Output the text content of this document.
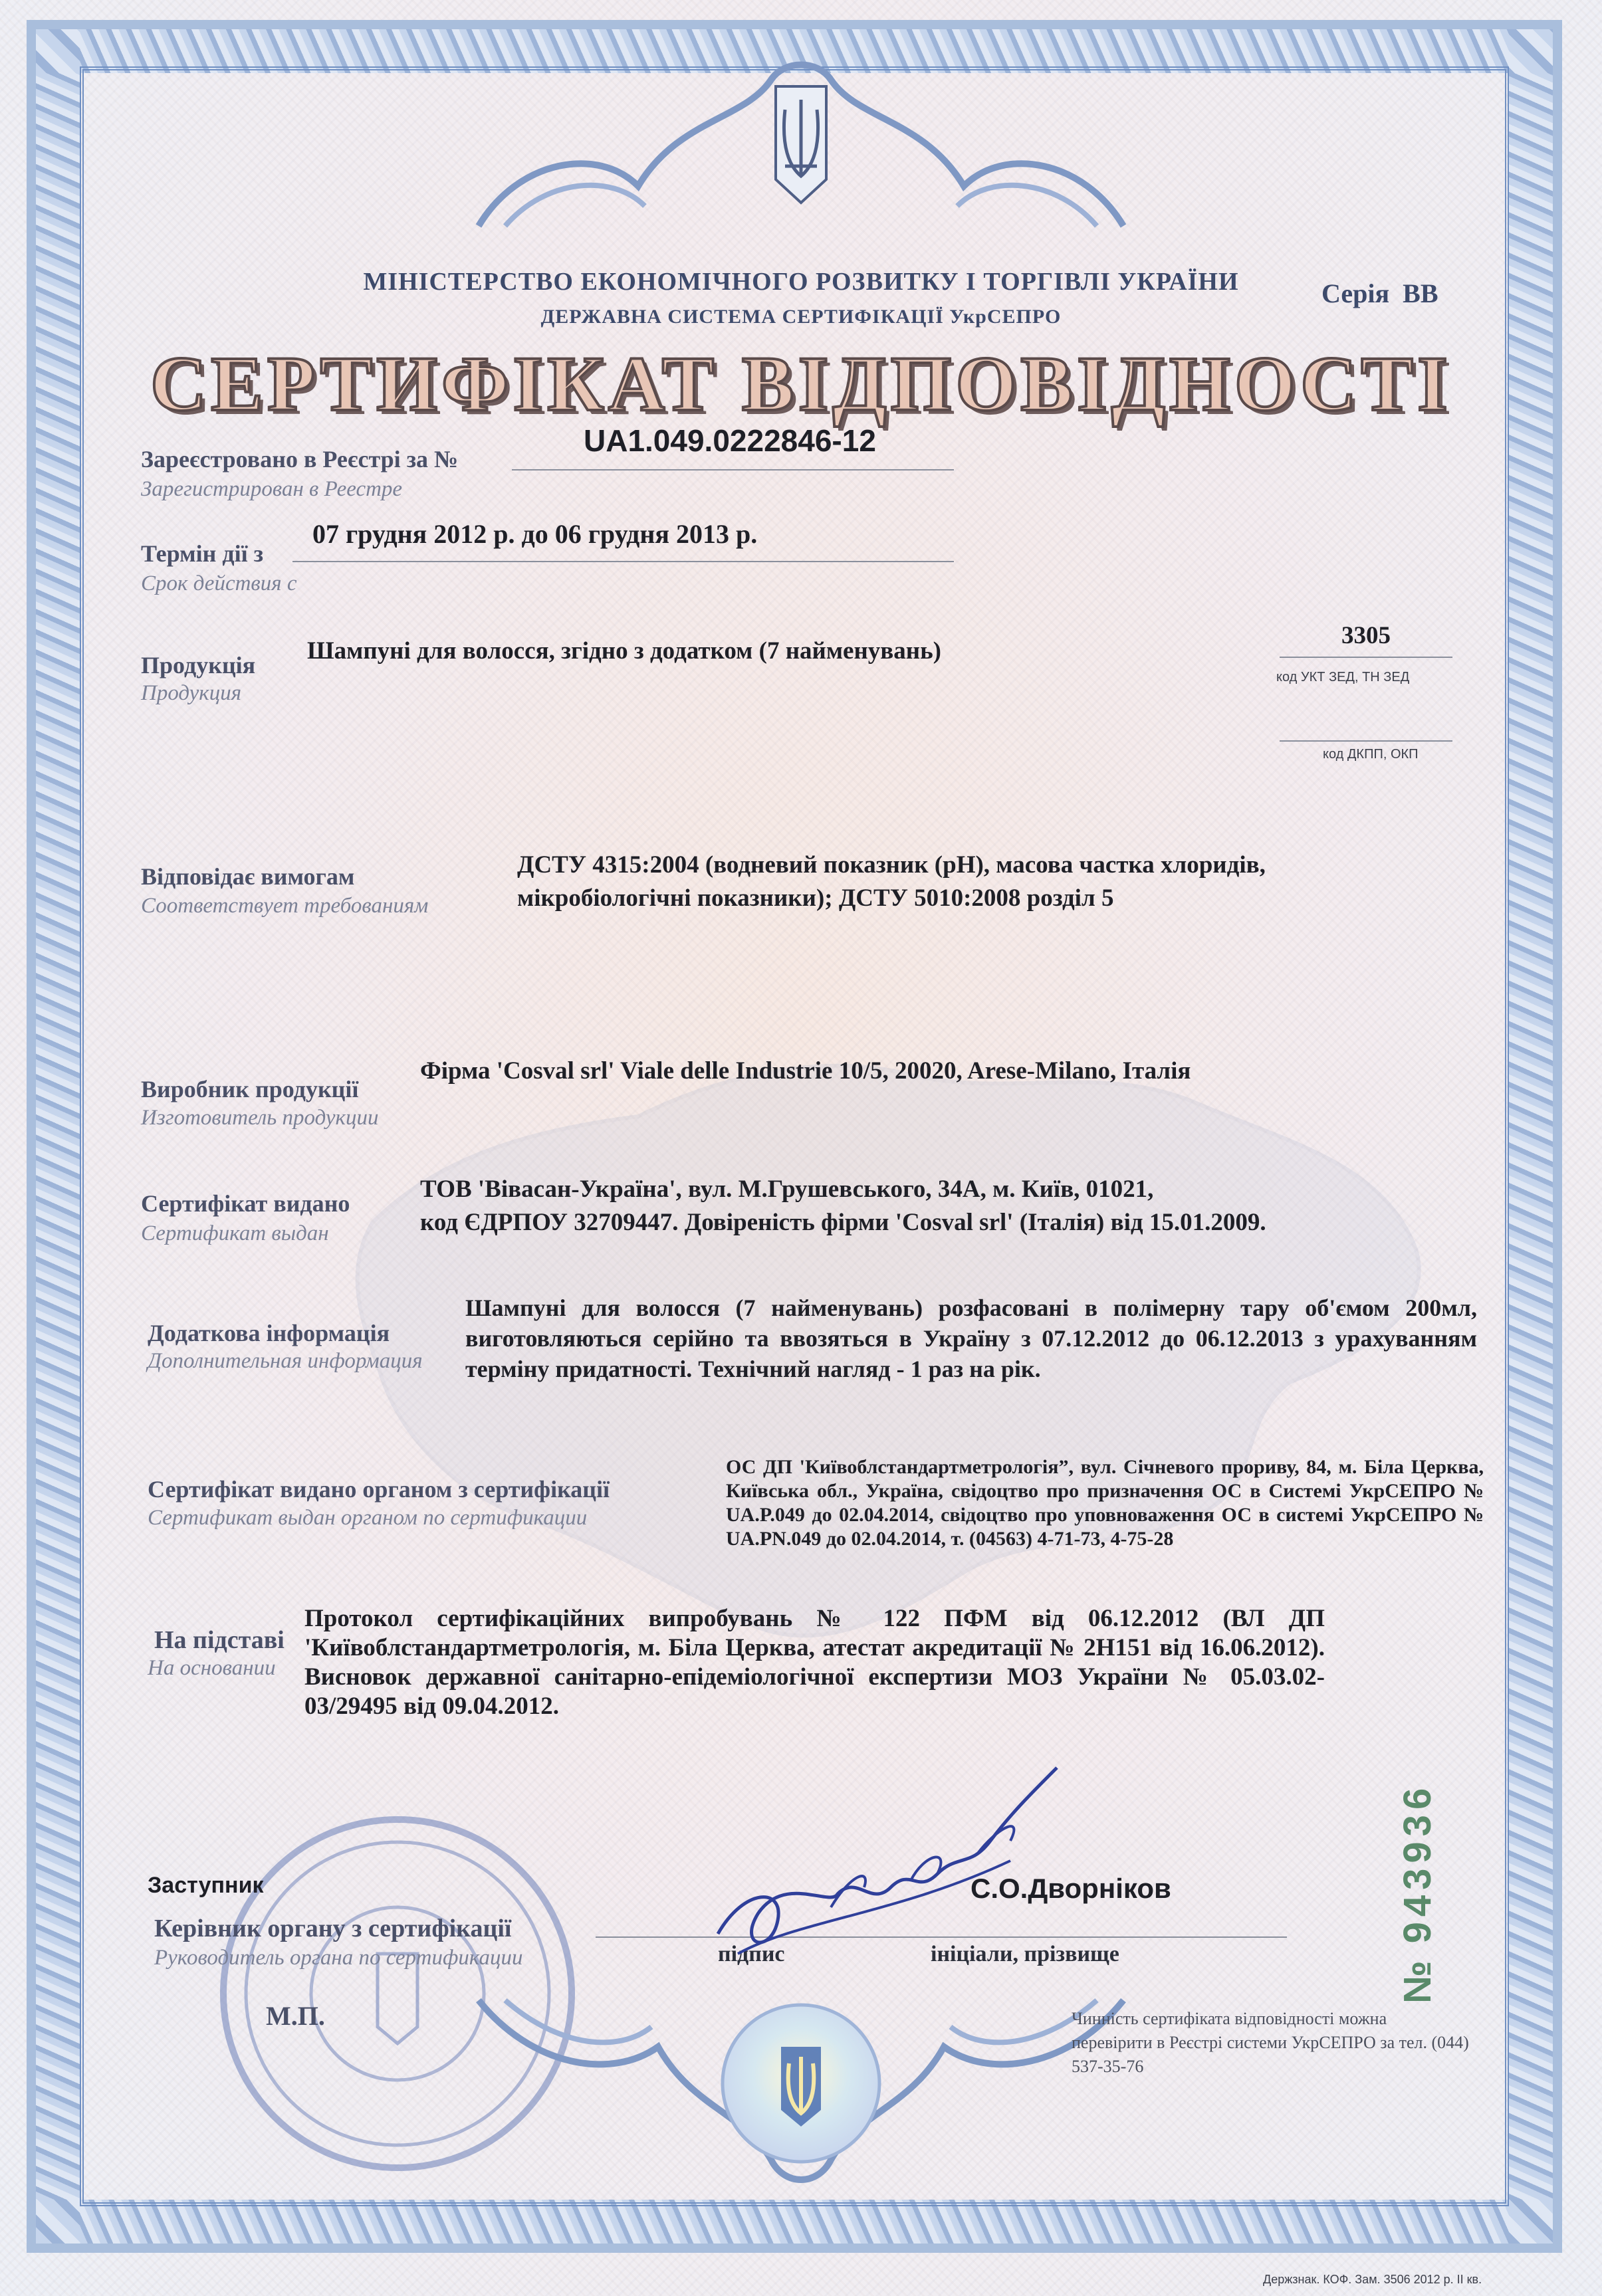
МІНІСТЕРСТВО ЕКОНОМІЧНОГО РОЗВИТКУ І ТОРГІВЛІ УКРАЇНИ
ДЕРЖАВНА СИСТЕМА СЕРТИФІКАЦІЇ УкрСЕПРО
Серія ВВ
СЕРТИФІКАТ ВІДПОВІДНОСТІ
Зареєстровано в Реєстрі за №
Зарегистрирован в Реестре
UA1.049.0222846-12
Термін дії з
Срок действия с
07 грудня 2012 р. до 06 грудня 2013 р.
Продукція
Продукция
Шампуні для волосся, згідно з додатком (7 найменувань)
3305
код УКТ ЗЕД, ТН ЗЕД
код ДКПП, ОКП
Відповідає вимогам
Соответствует требованиям
ДСТУ 4315:2004 (водневий показник (pH), масова частка хлоридів,
мікробіологічні показники); ДСТУ 5010:2008 розділ 5
Виробник продукції
Изготовитель продукции
Фірма 'Cosval srl' Viale delle Industrie 10/5, 20020, Arese-Milano, Італія
Сертифікат видано
Сертификат выдан
ТОВ 'Вівасан-Україна', вул. М.Грушевського, 34А, м. Київ, 01021,
код ЄДРПОУ 32709447. Довіреність фірми 'Cosval srl' (Італія) від 15.01.2009.
Додаткова інформація
Дополнительная информация
Шампуні для волосся (7 найменувань) розфасовані в полімерну тару об'ємом 200мл, виготовляються серійно та ввозяться в Україну з 07.12.2012 до 06.12.2013 з урахуванням терміну придатності. Технічний нагляд - 1 раз на рік.
Сертифікат видано органом з сертифікації
Сертификат выдан органом по сертификации
ОС ДП 'Київоблстандартметрологія”, вул. Січневого прориву, 84, м. Біла Церква, Київська обл., Україна, свідоцтво про призначення ОС в Системі УкрСЕПРО № UA.P.049 до 02.04.2014, свідоцтво про уповноваження ОС в системі УкрСЕПРО № UA.PN.049 до 02.04.2014, т. (04563) 4-71-73, 4-75-28
На підставі
На основании
Протокол сертифікаційних випробувань № 122 ПФМ від 06.12.2012 (ВЛ ДП 'Київоблстандартметрологія, м. Біла Церква, атестат акредитації № 2Н151 від 16.06.2012). Висновок державної санітарно-епідеміологічної експертизи МОЗ України № 05.03.02-03/29495 від 09.04.2012.
№943936
М.П.
Заступник
Керівник органу з сертифікації
Руководитель органа по сертификации	підпис	ініціали, прізвище
С.О.Дворніков
Чинність сертифіката відповідності можна перевірити в Реєстрі системи УкрСЕПРО за тел. (044) 537-35-76
Держзнак. КОФ. Зам. 3506 2012 р. II кв.
